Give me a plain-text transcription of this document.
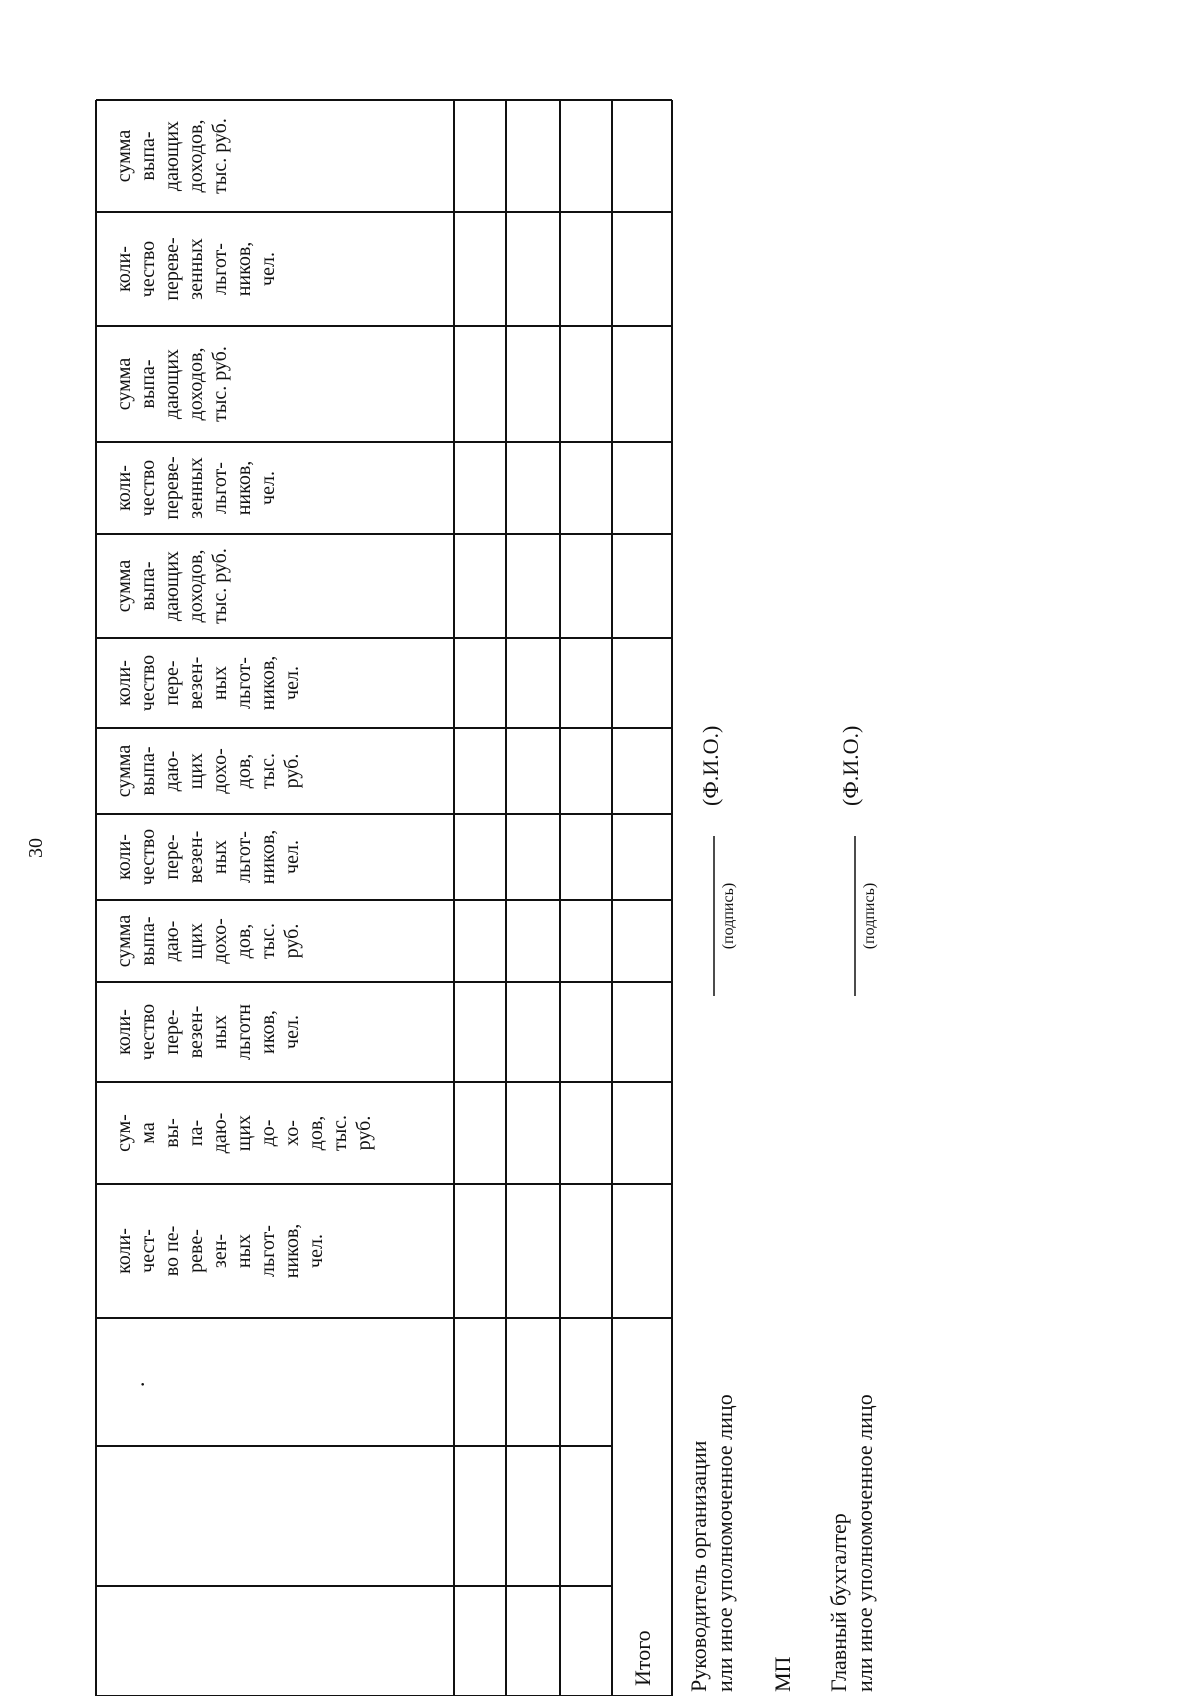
30
коли-
чест-
во пе-
реве-
зен-
ных
льгот-
ников,
чел.
сум-
ма
вы-
па-
даю-
щих
до-
хо-
дов,
тыс.
руб.
коли-
чество
пере-
везен-
ных
льготн
иков,
чел.
сумма
выпа-
даю-
щих
дохо-
дов,
тыс.
руб.
коли-
чество
пере-
везен-
ных
льгот-
ников,
чел.
сумма
выпа-
даю-
щих
дохо-
дов,
тыс.
руб.
коли-
чество
пере-
везен-
ных
льгот-
ников,
чел.
сумма
выпа-
дающих
доходов,
тыс. руб.
коли-
чество
переве-
зенных
льгот-
ников,
чел.
сумма
выпа-
дающих
доходов,
тыс. руб.
коли-
чество
переве-
зенных
льгот-
ников,
чел.
сумма
выпа-
дающих
доходов,
тыс. руб.
·
Итого Руководитель организации или иное уполномоченное лицо
(подпись)
(Ф.И.О.)
МП Главный бухгалтер или иное уполномоченное лицо
(подпись)
(Ф.И.О.)
